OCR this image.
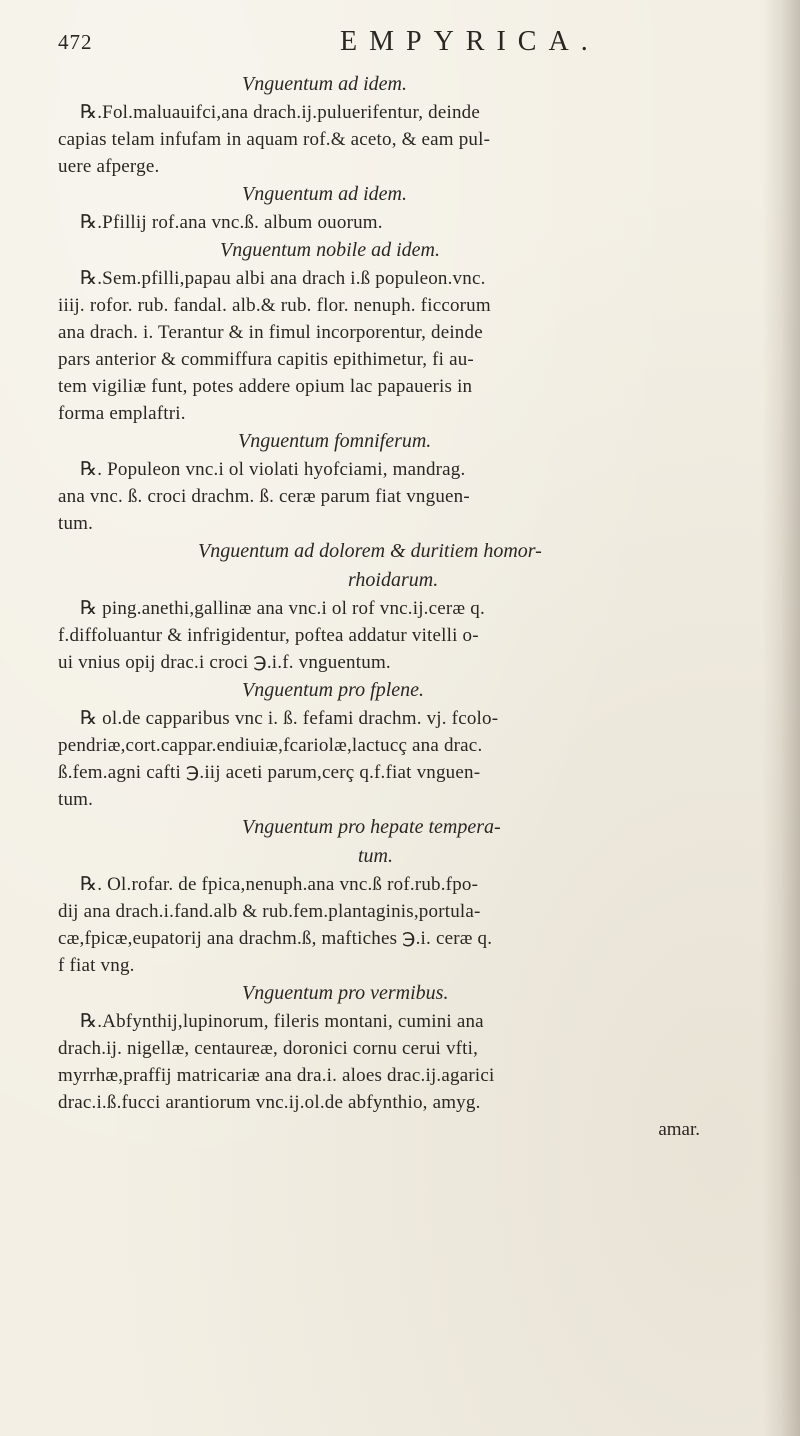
472	EMPYRICA.

Vnguentum ad idem.

℞.Fol.maluauifci,ana drach.ij.puluerifentur, deinde

capias telam infufam in aquam rof.& aceto, & eam pul-

uere afperge.

Vnguentum ad idem.

℞.Pfillij rof.ana vnc.ß. album ouorum.

Vnguentum nobile ad idem.

℞.Sem.pfilli,papau albi ana drach i.ß populeon.vnc.

iiij. rofor. rub. fandal. alb.& rub. flor. nenuph. ficcorum

ana drach. i. Terantur & in fimul incorporentur, deinde

pars anterior & commiffura capitis epithimetur, fi au-

tem vigiliæ funt, potes addere opium lac papaueris in

forma emplaftri.

Vnguentum fomniferum.

℞. Populeon vnc.i ol violati hyofciami, mandrag.

ana vnc. ß. croci drachm. ß. ceræ parum fiat vnguen-

tum.

Vnguentum ad dolorem & duritiem homor-

rhoidarum.

℞ ping.anethi,gallinæ ana vnc.i ol rof vnc.ij.ceræ q.

f.diffoluantur & infrigidentur, poftea addatur vitelli o-

ui vnius opij drac.i croci ℈.i.f. vnguentum.

Vnguentum pro fplene.

℞ ol.de capparibus vnc i. ß. fefami drachm. vj. fcolo-

pendriæ,cort.cappar.endiuiæ,fcariolæ,lactucç ana drac.

ß.fem.agni cafti ℈.iij aceti parum,cerç q.f.fiat vnguen-

tum.

Vnguentum pro hepate tempera-

tum.

℞. Ol.rofar. de fpica,nenuph.ana vnc.ß rof.rub.fpo-

dij ana drach.i.fand.alb & rub.fem.plantaginis,portula-

cæ,fpicæ,eupatorij ana drachm.ß, maftiches ℈.i. ceræ q.

f fiat vng.

Vnguentum pro vermibus.

℞.Abfynthij,lupinorum, fileris montani, cumini ana

drach.ij. nigellæ, centaureæ, doronici cornu cerui vfti,

myrrhæ,praffij matricariæ ana dra.i. aloes drac.ij.agarici

drac.i.ß.fucci arantiorum vnc.ij.ol.de abfynthio, amyg.

amar.
